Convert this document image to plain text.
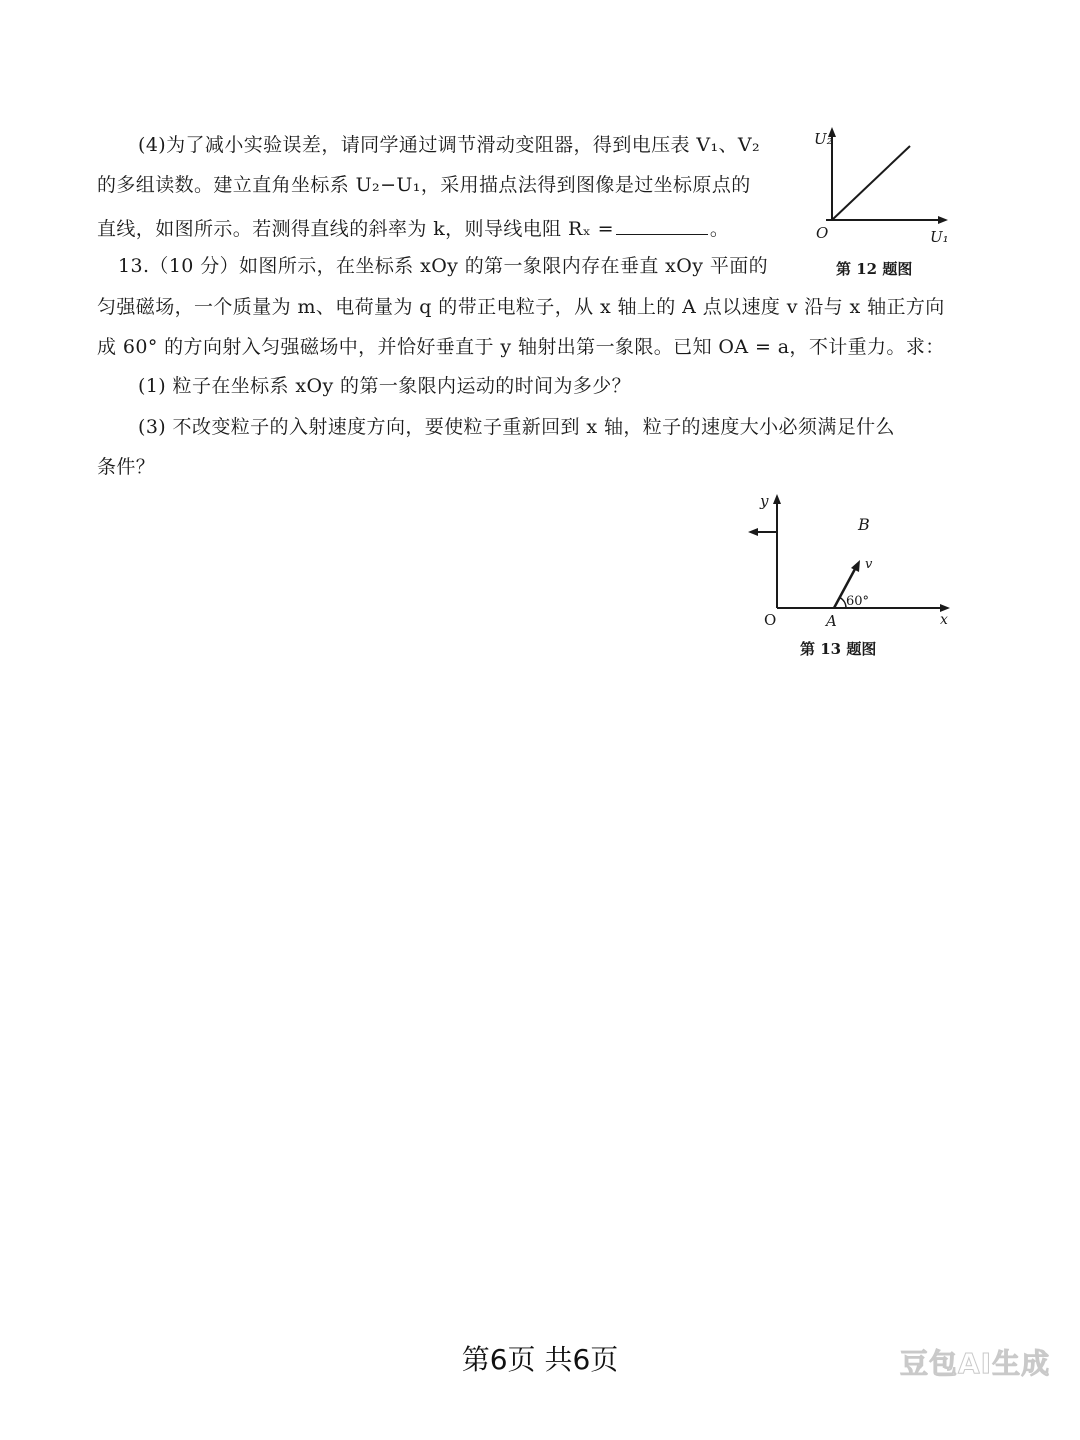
(4)为了减小实验误差，请同学通过调节滑动变阻器，得到电压表 V₁、V₂
的多组读数。建立直角坐标系 U₂−U₁，采用描点法得到图像是过坐标原点的
直线，如图所示。若测得直线的斜率为 k，则导线电阻 Rₓ =	。
U₂
O	U₁
第 12 题图
13.（10 分）如图所示，在坐标系 xOy 的第一象限内存在垂直 xOy 平面的
匀强磁场，一个质量为 m、电荷量为 q 的带正电粒子，从 x 轴上的 A 点以速度 v 沿与 x 轴正方向
成 60° 的方向射入匀强磁场中，并恰好垂直于 y 轴射出第一象限。已知 OA = a，不计重力。求：
(1) 粒子在坐标系 xOy 的第一象限内运动的时间为多少？
(3) 不改变粒子的入射速度方向，要使粒子重新回到 x 轴，粒子的速度大小必须满足什么
条件？
y
B
v
60°
O	A	x
第 13 题图
第6页 共6页	豆包AI生成
